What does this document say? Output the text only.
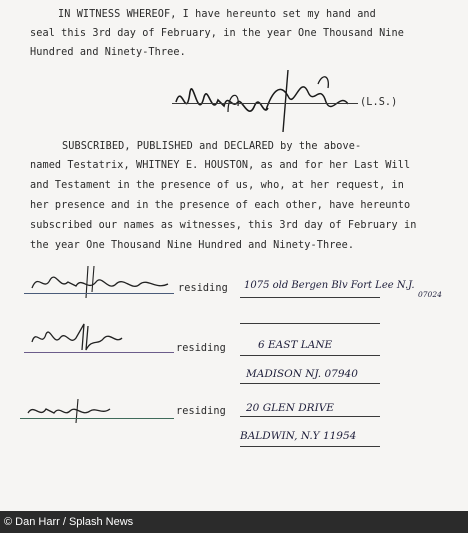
IN WITNESS WHEREOF, I have hereunto set my hand and
seal this 3rd day of February, in the year One Thousand Nine
Hundred and Ninety-Three.
(L.S.)
SUBSCRIBED, PUBLISHED and DECLARED by the above-
named Testatrix, WHITNEY E. HOUSTON, as and for her Last Will
and Testament in the presence of us, who, at her request, in
her presence and in the presence of each other, have hereunto
subscribed our names as witnesses, this 3rd day of February in
the year One Thousand Nine Hundred and Ninety-Three.
residing 1075 old Bergen Blv Fort Lee N.J.
07024
residing	6 EAST LANE
MADISON NJ. 07940
residing 20 GLEN DRIVE
BALDWIN, N.Y 11954
© Dan Harr / Splash News
